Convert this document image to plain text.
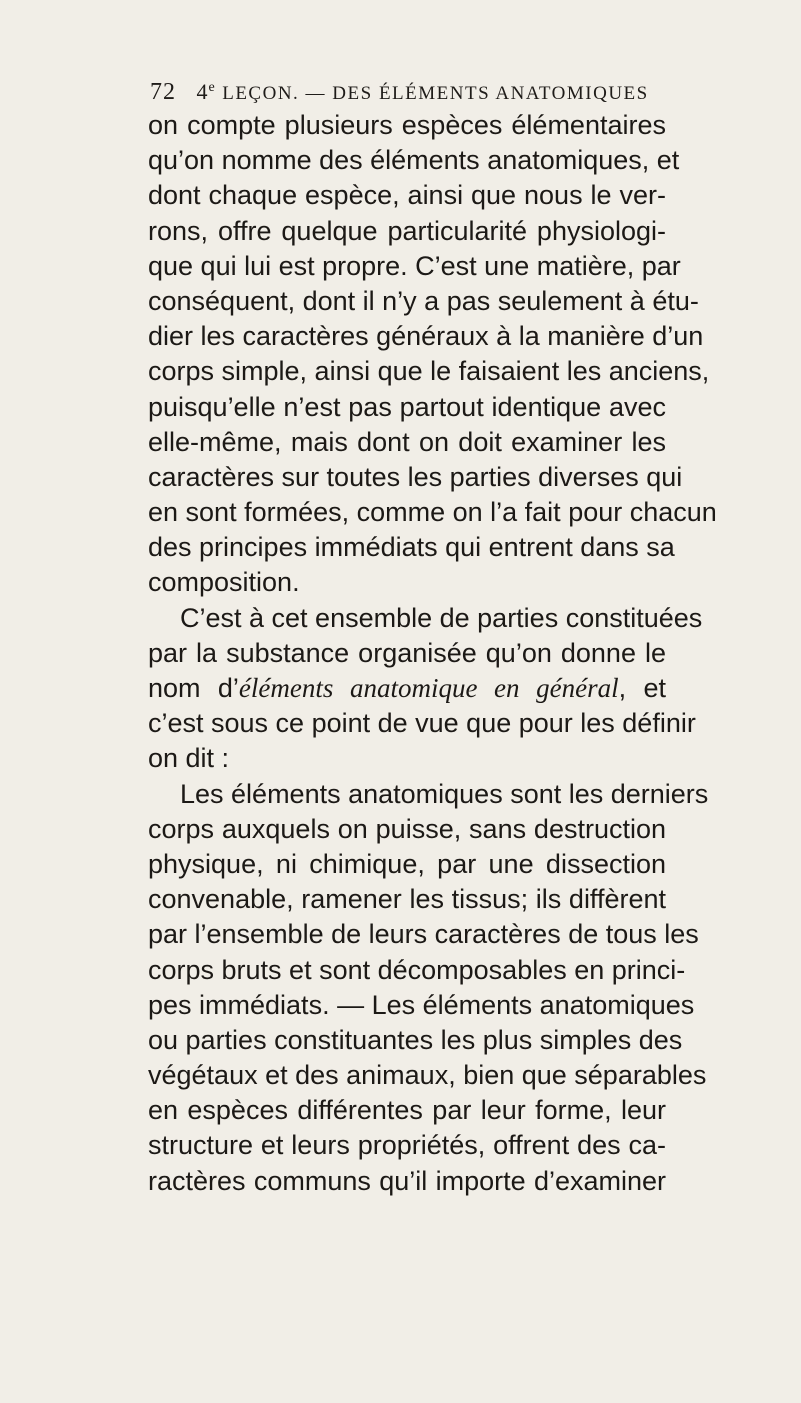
72 4e LEÇON. — DES ÉLÉMENTS ANATOMIQUES
on compte plusieurs espèces élémentaires
qu’on nomme des éléments anatomiques, et
dont chaque espèce, ainsi que nous le ver-
rons, offre quelque particularité physiologi-
que qui lui est propre. C’est une matière, par
conséquent, dont il n’y a pas seulement à étu-
dier les caractères généraux à la manière d’un
corps simple, ainsi que le faisaient les anciens,
puisqu’elle n’est pas partout identique avec
elle-même, mais dont on doit examiner les
caractères sur toutes les parties diverses qui
en sont formées, comme on l’a fait pour chacun
des principes immédiats qui entrent dans sa
composition.
C’est à cet ensemble de parties constituées
par la substance organisée qu’on donne le
nom d’éléments anatomique en général, et
c’est sous ce point de vue que pour les définir
on dit :
Les éléments anatomiques sont les derniers
corps auxquels on puisse, sans destruction
physique, ni chimique, par une dissection
convenable, ramener les tissus; ils diffèrent
par l’ensemble de leurs caractères de tous les
corps bruts et sont décomposables en princi-
pes immédiats. — Les éléments anatomiques
ou parties constituantes les plus simples des
végétaux et des animaux, bien que séparables
en espèces différentes par leur forme, leur
structure et leurs propriétés, offrent des ca-
ractères communs qu’il importe d’examiner
